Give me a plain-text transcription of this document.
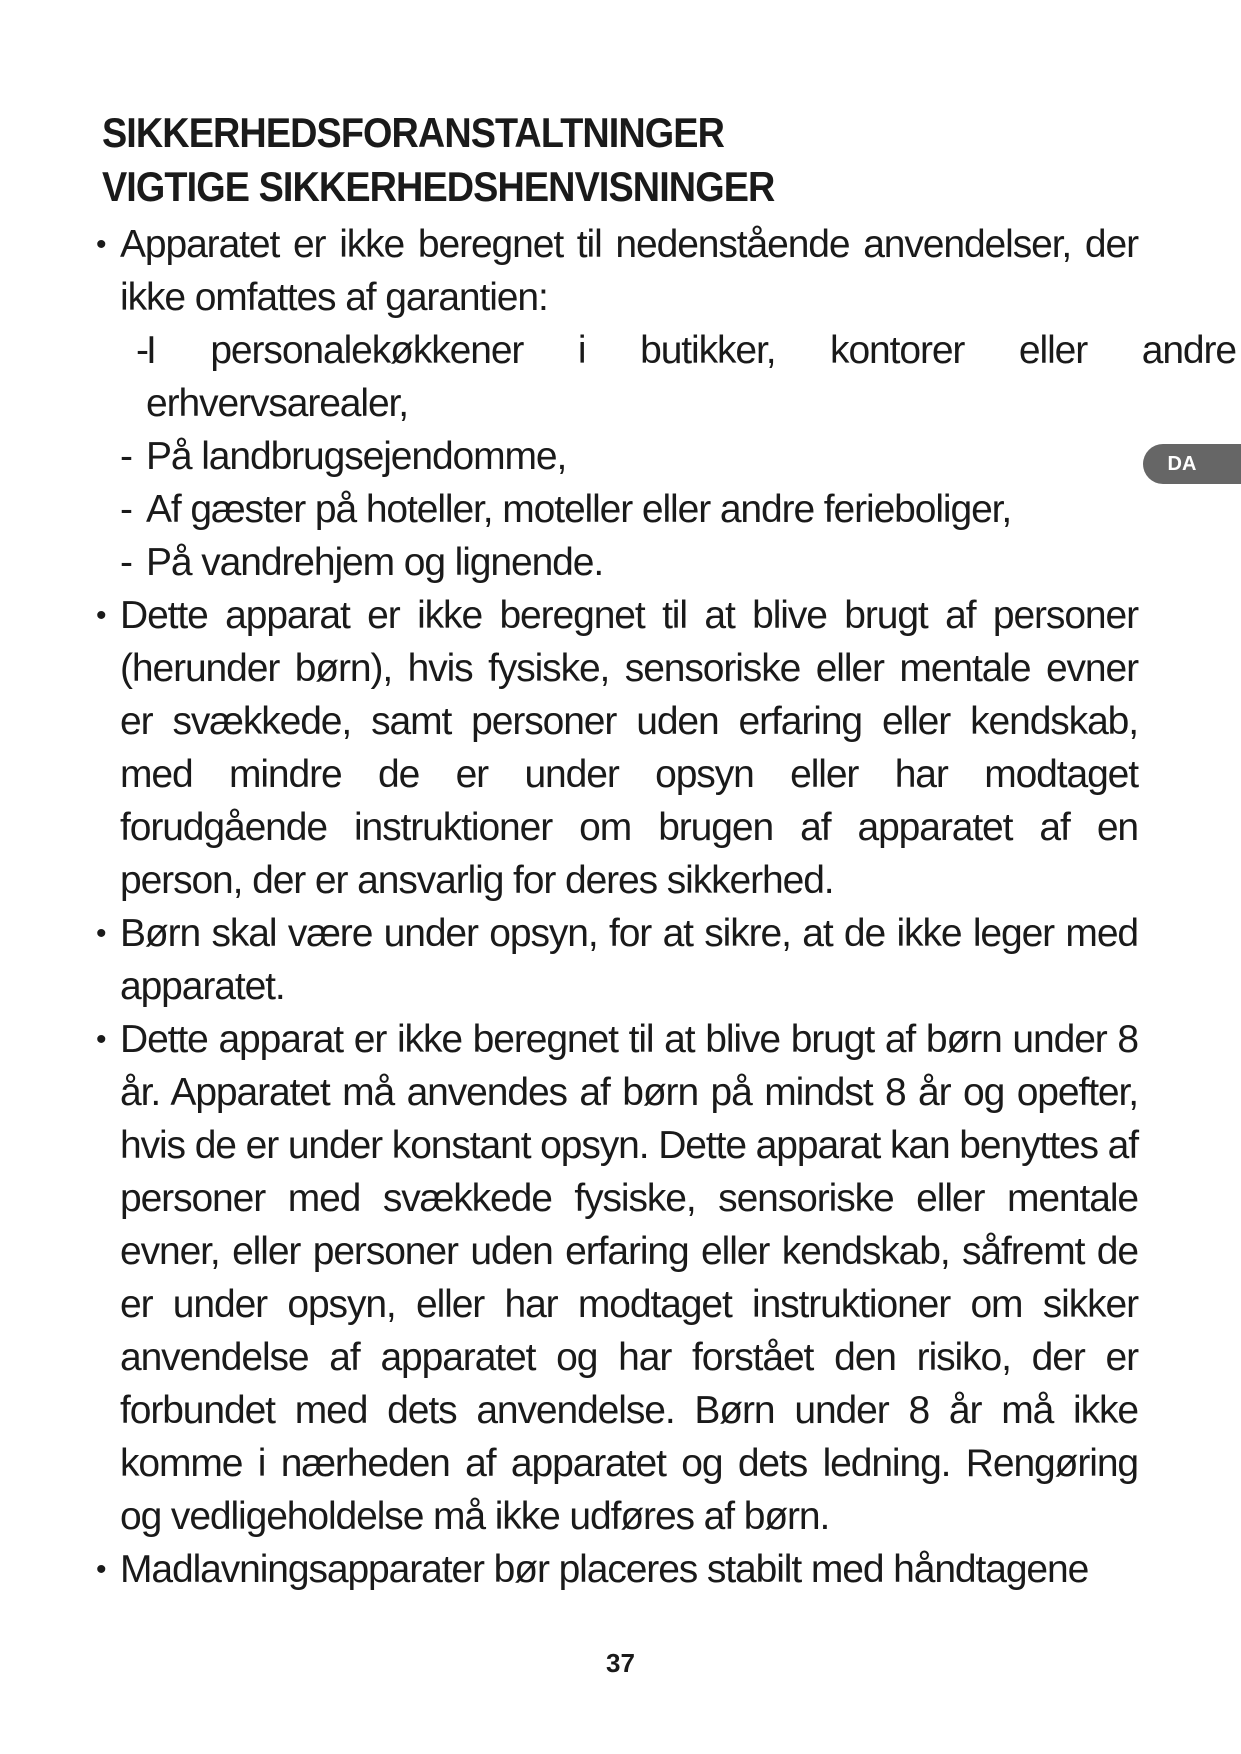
SIKKERHEDSFORANSTALTNINGER
VIGTIGE SIKKERHEDSHENVISNINGER

• Apparatet er ikke beregnet til nedenstående anvendelser, der ikke omfattes af garantien:

-
I personalekøkkener i butikker, kontorer eller andre erhvervsarealer,

- På landbrugsejendomme,

- Af gæster på hoteller, moteller eller andre ferieboliger,

- På vandrehjem og lignende.

• Dette apparat er ikke beregnet til at blive brugt af personer (herunder børn), hvis fysiske, sensoriske eller mentale evner er svækkede, samt personer uden erfaring eller kendskab, med mindre de er under opsyn eller har modtaget forudgående instruktioner om brugen af apparatet af en person, der er ansvarlig for deres sikkerhed.

• Børn skal være under opsyn, for at sikre, at de ikke leger med apparatet.

• Dette apparat er ikke beregnet til at blive brugt af børn under 8 år. Apparatet må anvendes af børn på mindst 8 år og opefter, hvis de er under konstant opsyn. Dette apparat kan benyttes af personer med svækkede fysiske, sensoriske eller mentale evner, eller personer uden erfaring eller kendskab, såfremt de er under opsyn, eller har modtaget instruktioner om sikker anvendelse af apparatet og har forstået den risiko, der er forbundet med dets anvendelse. Børn under 8 år må ikke komme i nærheden af apparatet og dets ledning. Rengøring og vedligeholdelse må ikke udføres af børn.

• Madlavningsapparater bør placeres stabilt med håndtagene

DA
37
